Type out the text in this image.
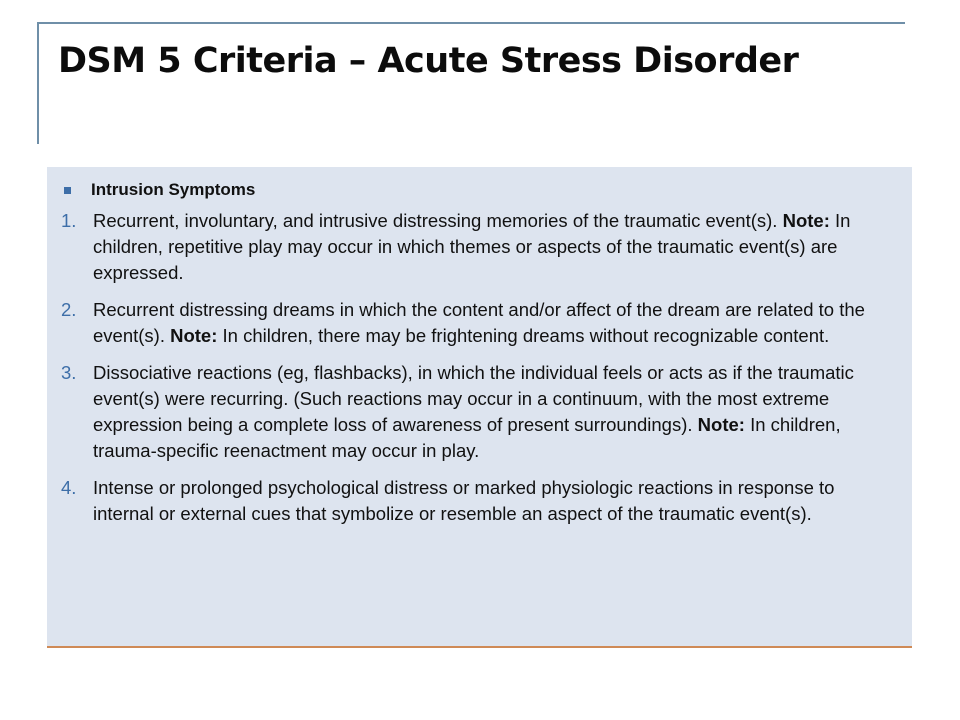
DSM 5 Criteria – Acute Stress Disorder
Intrusion Symptoms
1. Recurrent, involuntary, and intrusive distressing memories of the traumatic event(s). Note: In children, repetitive play may occur in which themes or aspects of the traumatic event(s) are expressed.
2. Recurrent distressing dreams in which the content and/or affect of the dream are related to the event(s). Note: In children, there may be frightening dreams without recognizable content.
3. Dissociative reactions (eg, flashbacks), in which the individual feels or acts as if the traumatic event(s) were recurring. (Such reactions may occur in a continuum, with the most extreme expression being a complete loss of awareness of present surroundings). Note: In children, trauma-specific reenactment may occur in play.
4. Intense or prolonged psychological distress or marked physiologic reactions in response to internal or external cues that symbolize or resemble an aspect of the traumatic event(s).
